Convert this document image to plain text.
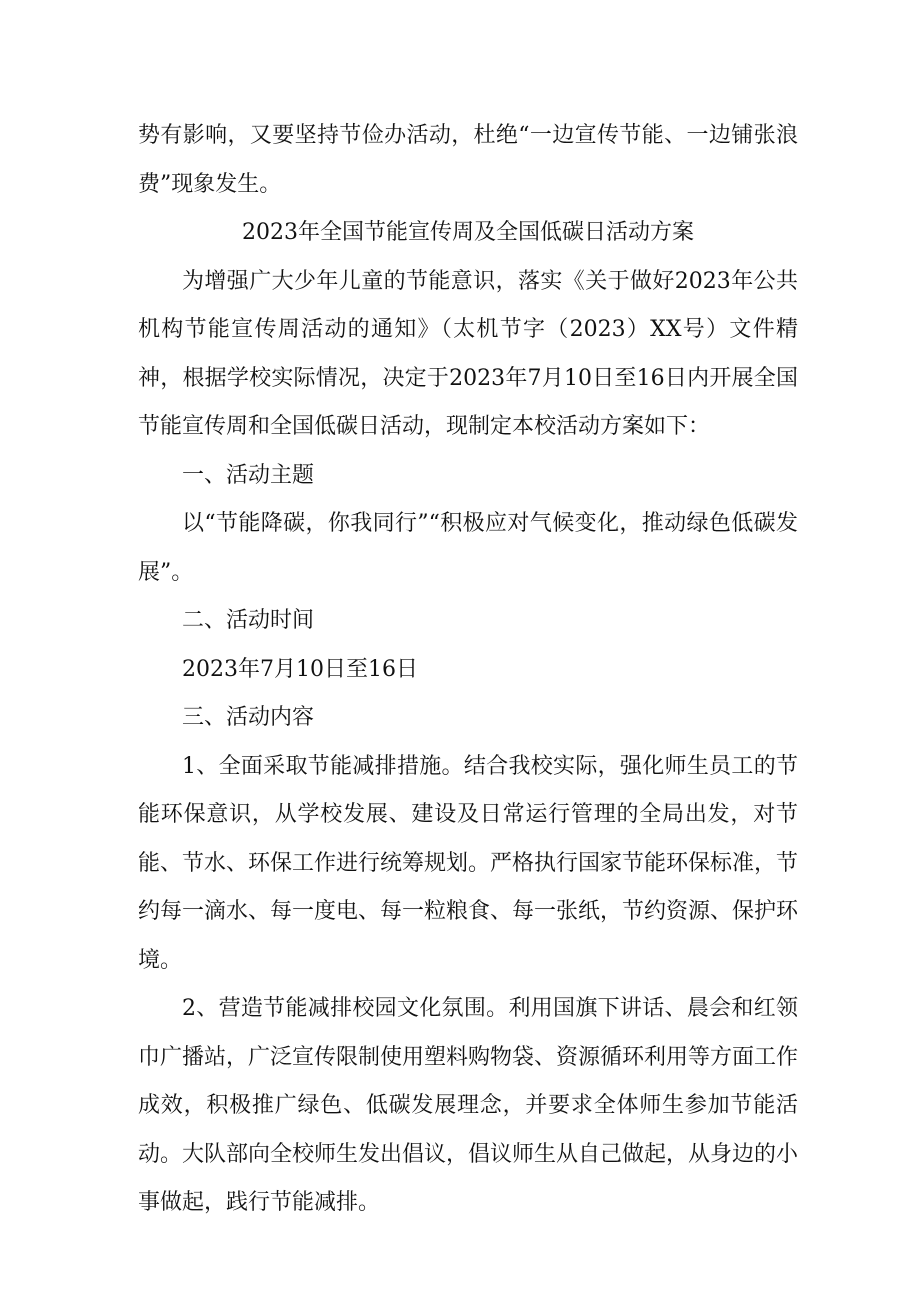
势有影响，又要坚持节俭办活动，杜绝“一边宣传节能、一边铺张浪费”现象发生。

2023年全国节能宣传周及全国低碳日活动方案

为增强广大少年儿童的节能意识，落实《关于做好2023年公共机构节能宣传周活动的通知》（太机节字（2023）XX号）文件精神，根据学校实际情况，决定于2023年7月10日至16日内开展全国节能宣传周和全国低碳日活动，现制定本校活动方案如下：

一、活动主题

以“节能降碳，你我同行”“积极应对气候变化，推动绿色低碳发展”。

二、活动时间

2023年7月10日至16日

三、活动内容

1、全面采取节能减排措施。结合我校实际，强化师生员工的节能环保意识，从学校发展、建设及日常运行管理的全局出发，对节能、节水、环保工作进行统筹规划。严格执行国家节能环保标准，节约每一滴水、每一度电、每一粒粮食、每一张纸，节约资源、保护环境。

2、营造节能减排校园文化氛围。利用国旗下讲话、晨会和红领巾广播站，广泛宣传限制使用塑料购物袋、资源循环利用等方面工作成效，积极推广绿色、低碳发展理念，并要求全体师生参加节能活动。大队部向全校师生发出倡议，倡议师生从自己做起，从身边的小事做起，践行节能减排。
